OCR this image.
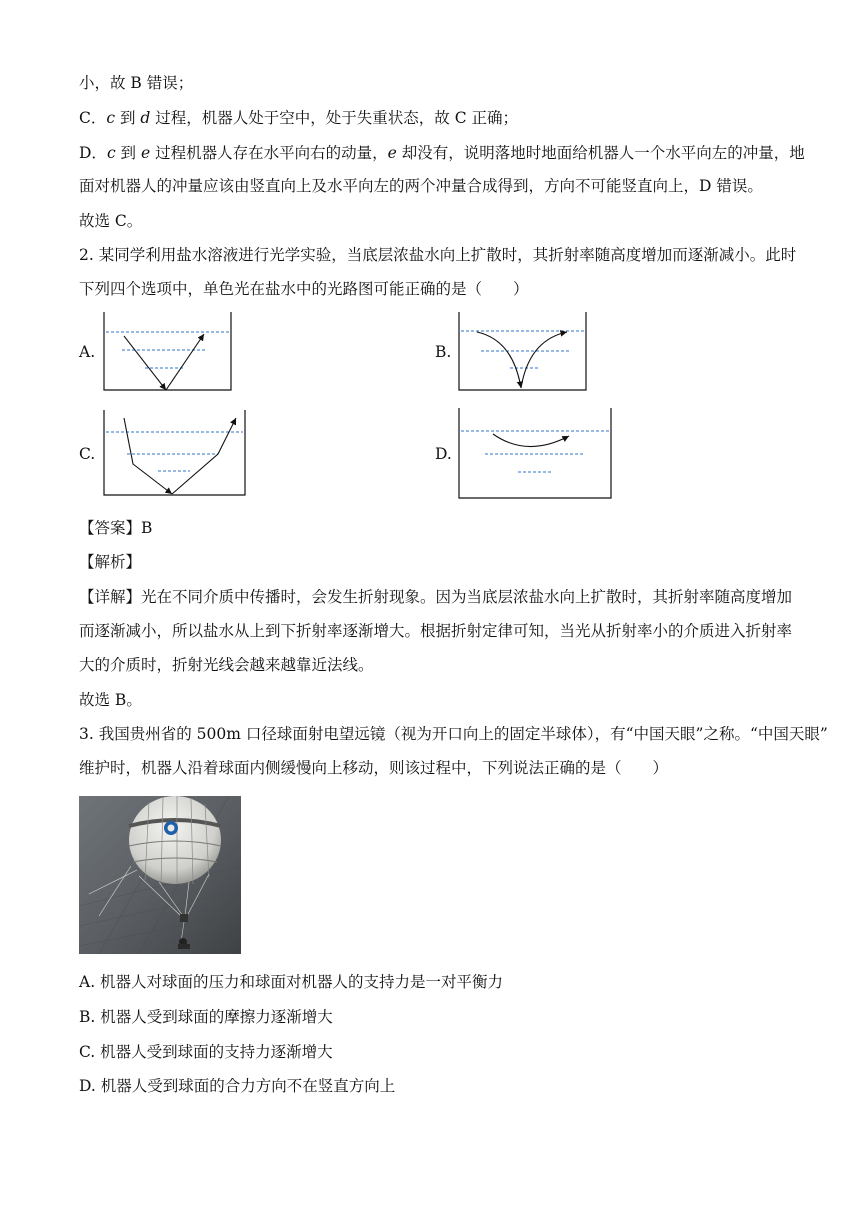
小，故 B 错误；
C．c 到 d 过程，机器人处于空中，处于失重状态，故 C 正确；
D．c 到 e 过程机器人存在水平向右的动量，e 却没有，说明落地时地面给机器人一个水平向左的冲量，地
面对机器人的冲量应该由竖直向上及水平向左的两个冲量合成得到，方向不可能竖直向上，D 错误。
故选 C。
2. 某同学利用盐水溶液进行光学实验，当底层浓盐水向上扩散时，其折射率随高度增加而逐渐减小。此时
下列四个选项中，单色光在盐水中的光路图可能正确的是（　　）
A.	B.
C.	D.
【答案】B
【解析】
【详解】光在不同介质中传播时，会发生折射现象。因为当底层浓盐水向上扩散时，其折射率随高度增加
而逐渐减小，所以盐水从上到下折射率逐渐增大。根据折射定律可知，当光从折射率小的介质进入折射率
大的介质时，折射光线会越来越靠近法线。
故选 B。
3. 我国贵州省的 500m 口径球面射电望远镜（视为开口向上的固定半球体），有“中国天眼”之称。“中国天眼”
维护时，机器人沿着球面内侧缓慢向上移动，则该过程中，下列说法正确的是（　　）
A. 机器人对球面的压力和球面对机器人的支持力是一对平衡力
B. 机器人受到球面的摩擦力逐渐增大
C. 机器人受到球面的支持力逐渐增大
D. 机器人受到球面的合力方向不在竖直方向上
